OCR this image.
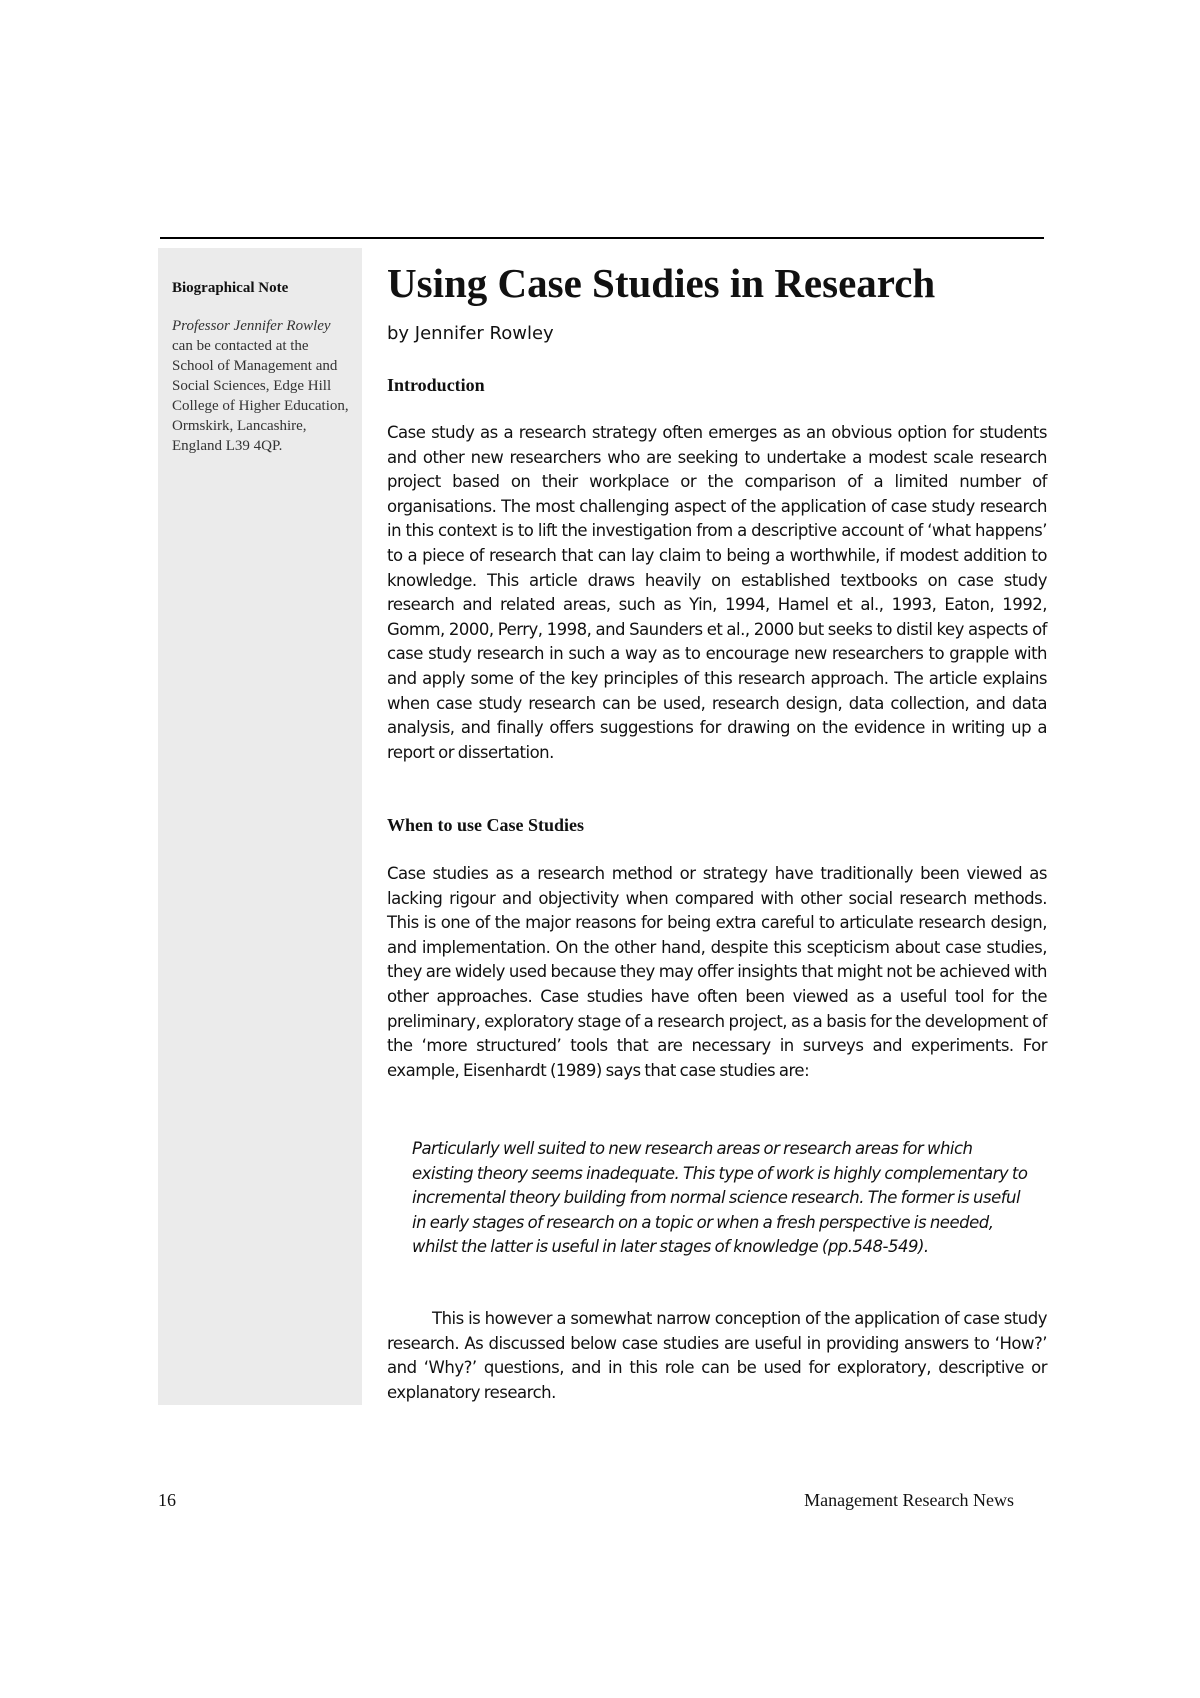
Biographical Note

Professor Jennifer Rowley can be contacted at the School of Management and Social Sciences, Edge Hill College of Higher Education, Ormskirk, Lancashire, England L39 4QP.

Using Case Studies in Research

by Jennifer Rowley

Introduction

Case study as a research strategy often emerges as an obvious option for students and other new researchers who are seeking to undertake a modest scale research project based on their workplace or the comparison of a limited number of organisations. The most challenging aspect of the application of case study research in this context is to lift the investigation from a descriptive account of ‘what happens’ to a piece of research that can lay claim to being a worthwhile, if modest addition to knowledge. This article draws heavily on established textbooks on case study research and related areas, such as Yin, 1994, Hamel et al., 1993, Eaton, 1992, Gomm, 2000, Perry, 1998, and Saunders et al., 2000 but seeks to distil key aspects of case study research in such a way as to encourage new researchers to grapple with and apply some of the key principles of this research approach. The article explains when case study research can be used, research design, data collection, and data analysis, and finally offers suggestions for drawing on the evidence in writing up a report or dissertation.

When to use Case Studies

Case studies as a research method or strategy have traditionally been viewed as lacking rigour and objectivity when compared with other social research methods. This is one of the major reasons for being extra careful to articulate research design, and implementation. On the other hand, despite this scepticism about case studies, they are widely used because they may offer insights that might not be achieved with other approaches. Case studies have often been viewed as a useful tool for the preliminary, exploratory stage of a research project, as a basis for the development of the ‘more structured’ tools that are necessary in surveys and experiments. For example, Eisenhardt (1989) says that case studies are:

Particularly well suited to new research areas or research areas for which existing theory seems inadequate. This type of work is highly complementary to incremental theory building from normal science research. The former is useful in early stages of research on a topic or when a fresh perspective is needed, whilst the latter is useful in later stages of knowledge (pp.548-549).

This is however a somewhat narrow conception of the application of case study research. As discussed below case studies are useful in providing answers to ‘How?’ and ‘Why?’ questions, and in this role can be used for exploratory, descriptive or explanatory research.

16	Management Research News
